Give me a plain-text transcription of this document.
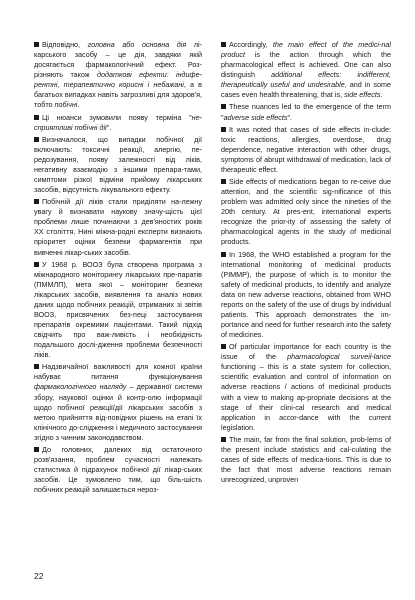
Відповідно, головна або основна дія лі-карського засобу – це дія, завдяки якій досягається фармакологічний ефект. Роз-різняють також додаткові ефекти: індифе-рентні, терапевтично корисні і небажані, а в багатьох випадках навіть загрозливі для здоров'я, тобто побічні.

Ці нюанси зумовили появу терміна "не-сприятливі побічні дії".

Визначалося, що випадки побічної дії включають: токсичні реакції, алергію, пе-редозування, появу залежності від ліків, негативну взаємодію з іншими препара-тами, симптоми різкої відміни прийому лікарських засобів, відсутність лікувального ефекту.

Побічній дії ліків стали приділяти на-лежну увагу й визнавати наукову значу-щість цієї проблеми лише починаючи з дев'яностих років XX століття. Нині міжна-родні експерти визнають пріоритет оцінки безпеки фармагентів при вивченні лікар-ських засобів.

У 1968 р. ВООЗ була створена програма з міжнародного моніторингу лікарських пре-паратів (ПММЛП), мета якої – моніторинг безпеки лікарських засобів, виявлення та аналіз нових даних щодо побічних реакцій, отриманих зі звітів ВООЗ, присвячених без-пеці застосування препаратів окремими пацієнтами. Такий підхід свідчить про важ-ливість і необхідність подальшого дослі-дження проблеми безпечності ліків.

Надзвичайної важливості для кожної країни набуває питання функціонування фармакологічного нагляду – державної системи збору, наукової оцінки й контр-олю інформації щодо побічної реакції/дії лікарських засобів з метою прийняття від-повідних рішень на етапі їх клінічного до-слідження і медичного застосування згідно з чинним законодавством.

До головних, далеких від остаточного розв'язання, проблем сучасності належать статистика й підрахунок побічної дії лікар-ських засобів. Це зумовлено тим, що біль-шість побічних реакцій залишається нероз-

Accordingly, the main effect of the medici-nal product is the action through which the pharmacological effect is achieved. One can also distinguish additional effects: indifferent, therapeutically useful and undesirable, and in some cases even health threatening, that is, side effects.

These nuances led to the emergence of the term "adverse side effects".

It was noted that cases of side effects in-clude: toxic reactions, allergies, overdose, drug dependence, negative interaction with other drugs, symptoms of abrupt withdrawal of medication, lack of therapeutic effect.

Side effects of medications began to re-ceive due attention, and the scientific sig-nificance of this problem was admitted only since the nineties of the 20th century. At pres-ent, international experts recognize the prior-ity of assessing the safety of pharmacological agents in the study of medicinal products.

In 1968, the WHO established a program for the international monitoring of medicinal products (PIMMP), the purpose of which is to monitor the safety of medicinal products, to identify and analyze data on new adverse reactions, obtained from WHO reports on the safety of the use of drugs by individual patients. This approach demonstrates the im-portance and need for further research into the safety of medicines.

Of particular importance for each country is the issue of the pharmacological surveil-lance functioning – this is a state system for collection, scientific evaluation and control of information on adverse reactions / actions of medicinal products with a view to making ap-propriate decisions at the stage of their clini-cal research and medical application in accor-dance with the current legislation.

The main, far from the final solution, prob-lems of the present include statistics and cal-culating the cases of side effects of medica-tions. This is due to the fact that most adverse reactions remain unrecognized, unproven

22
